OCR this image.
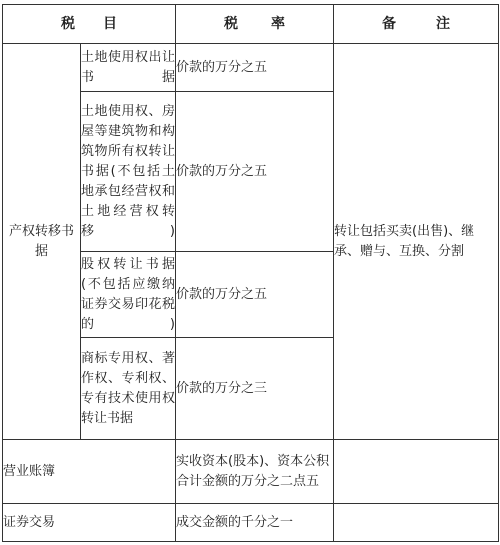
税 目		税 率	备 注

产权转移书据	土地使用权出让书据	价款的万分之五	转让包括买卖(出售)、继承、赠与、互换、分割
	土地使用权、房屋等建筑物和构筑物所有权转让书据(不包括土地承包经营权和土地经营权转移)	价款的万分之五	
	股权转让书据(不包括应缴纳证券交易印花税的)	价款的万分之五	
	商标专用权、著作权、专利权、专有技术使用权转让书据	价款的万分之三	
营业账簿		实收资本(股本)、资本公积合计金额的万分之二点五	
证券交易		成交金额的千分之一	
